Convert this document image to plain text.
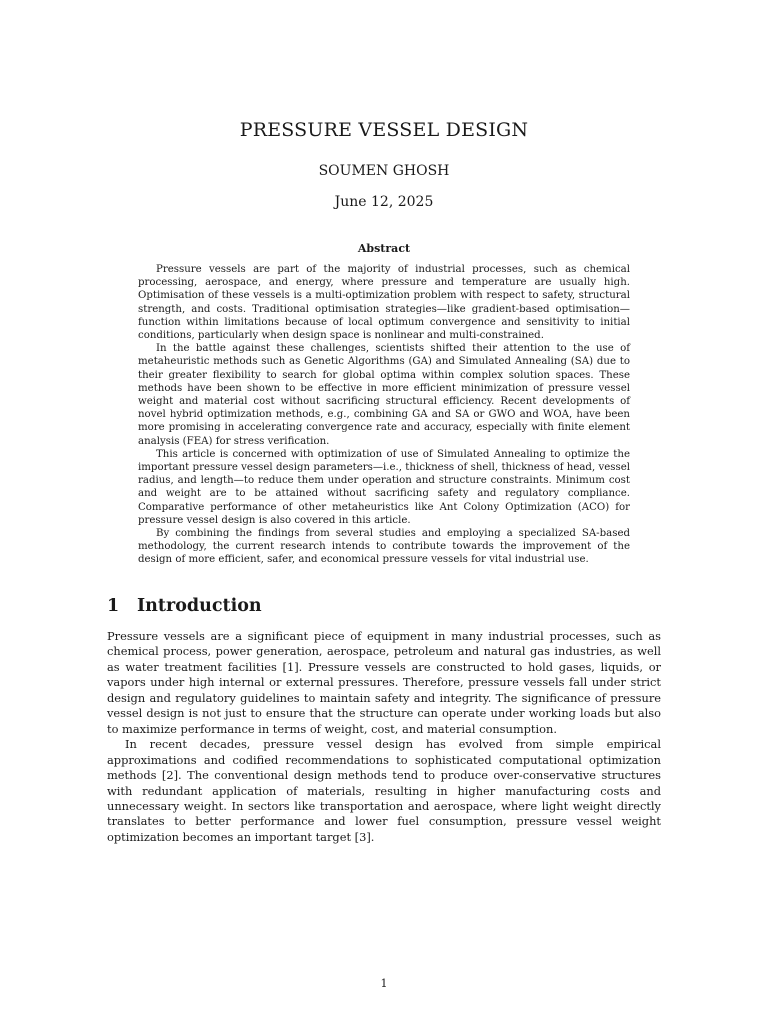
PRESSURE VESSEL DESIGN
SOUMEN GHOSH
June 12, 2025
Abstract

Pressure vessels are part of the majority of industrial processes, such as chemical processing, aerospace, and energy, where pressure and temperature are usually high. Optimisation of these vessels is a multi-optimization problem with respect to safety, structural strength, and costs. Traditional optimisation strategies—like gradient-based optimisation—function within limitations because of local optimum convergence and sensitivity to initial conditions, particularly when design space is nonlinear and multi-constrained.

In the battle against these challenges, scientists shifted their attention to the use of metaheuristic methods such as Genetic Algorithms (GA) and Simulated Annealing (SA) due to their greater flexibility to search for global optima within complex solution spaces. These methods have been shown to be effective in more efficient minimization of pressure vessel weight and material cost without sacrificing structural efficiency. Recent developments of novel hybrid optimization methods, e.g., combining GA and SA or GWO and WOA, have been more promising in accelerating convergence rate and accuracy, especially with finite element analysis (FEA) for stress verification.

This article is concerned with optimization of use of Simulated Annealing to optimize the important pressure vessel design parameters—i.e., thickness of shell, thickness of head, vessel radius, and length—to reduce them under operation and structure constraints. Minimum cost and weight are to be attained without sacrificing safety and regulatory compliance. Comparative performance of other metaheuristics like Ant Colony Optimization (ACO) for pressure vessel design is also covered in this article.

By combining the findings from several studies and employing a specialized SA-based methodology, the current research intends to contribute towards the improvement of the design of more efficient, safer, and economical pressure vessels for vital industrial use.

1 Introduction

Pressure vessels are a significant piece of equipment in many industrial processes, such as chemical process, power generation, aerospace, petroleum and natural gas industries, as well as water treatment facilities [1]. Pressure vessels are constructed to hold gases, liquids, or vapors under high internal or external pressures. Therefore, pressure vessels fall under strict design and regulatory guidelines to maintain safety and integrity. The significance of pressure vessel design is not just to ensure that the structure can operate under working loads but also to maximize performance in terms of weight, cost, and material consumption.

In recent decades, pressure vessel design has evolved from simple empirical approximations and codified recommendations to sophisticated computational optimization methods [2]. The conventional design methods tend to produce over-conservative structures with redundant application of materials, resulting in higher manufacturing costs and unnecessary weight. In sectors like transportation and aerospace, where light weight directly translates to better performance and lower fuel consumption, pressure vessel weight optimization becomes an important target [3].

1
